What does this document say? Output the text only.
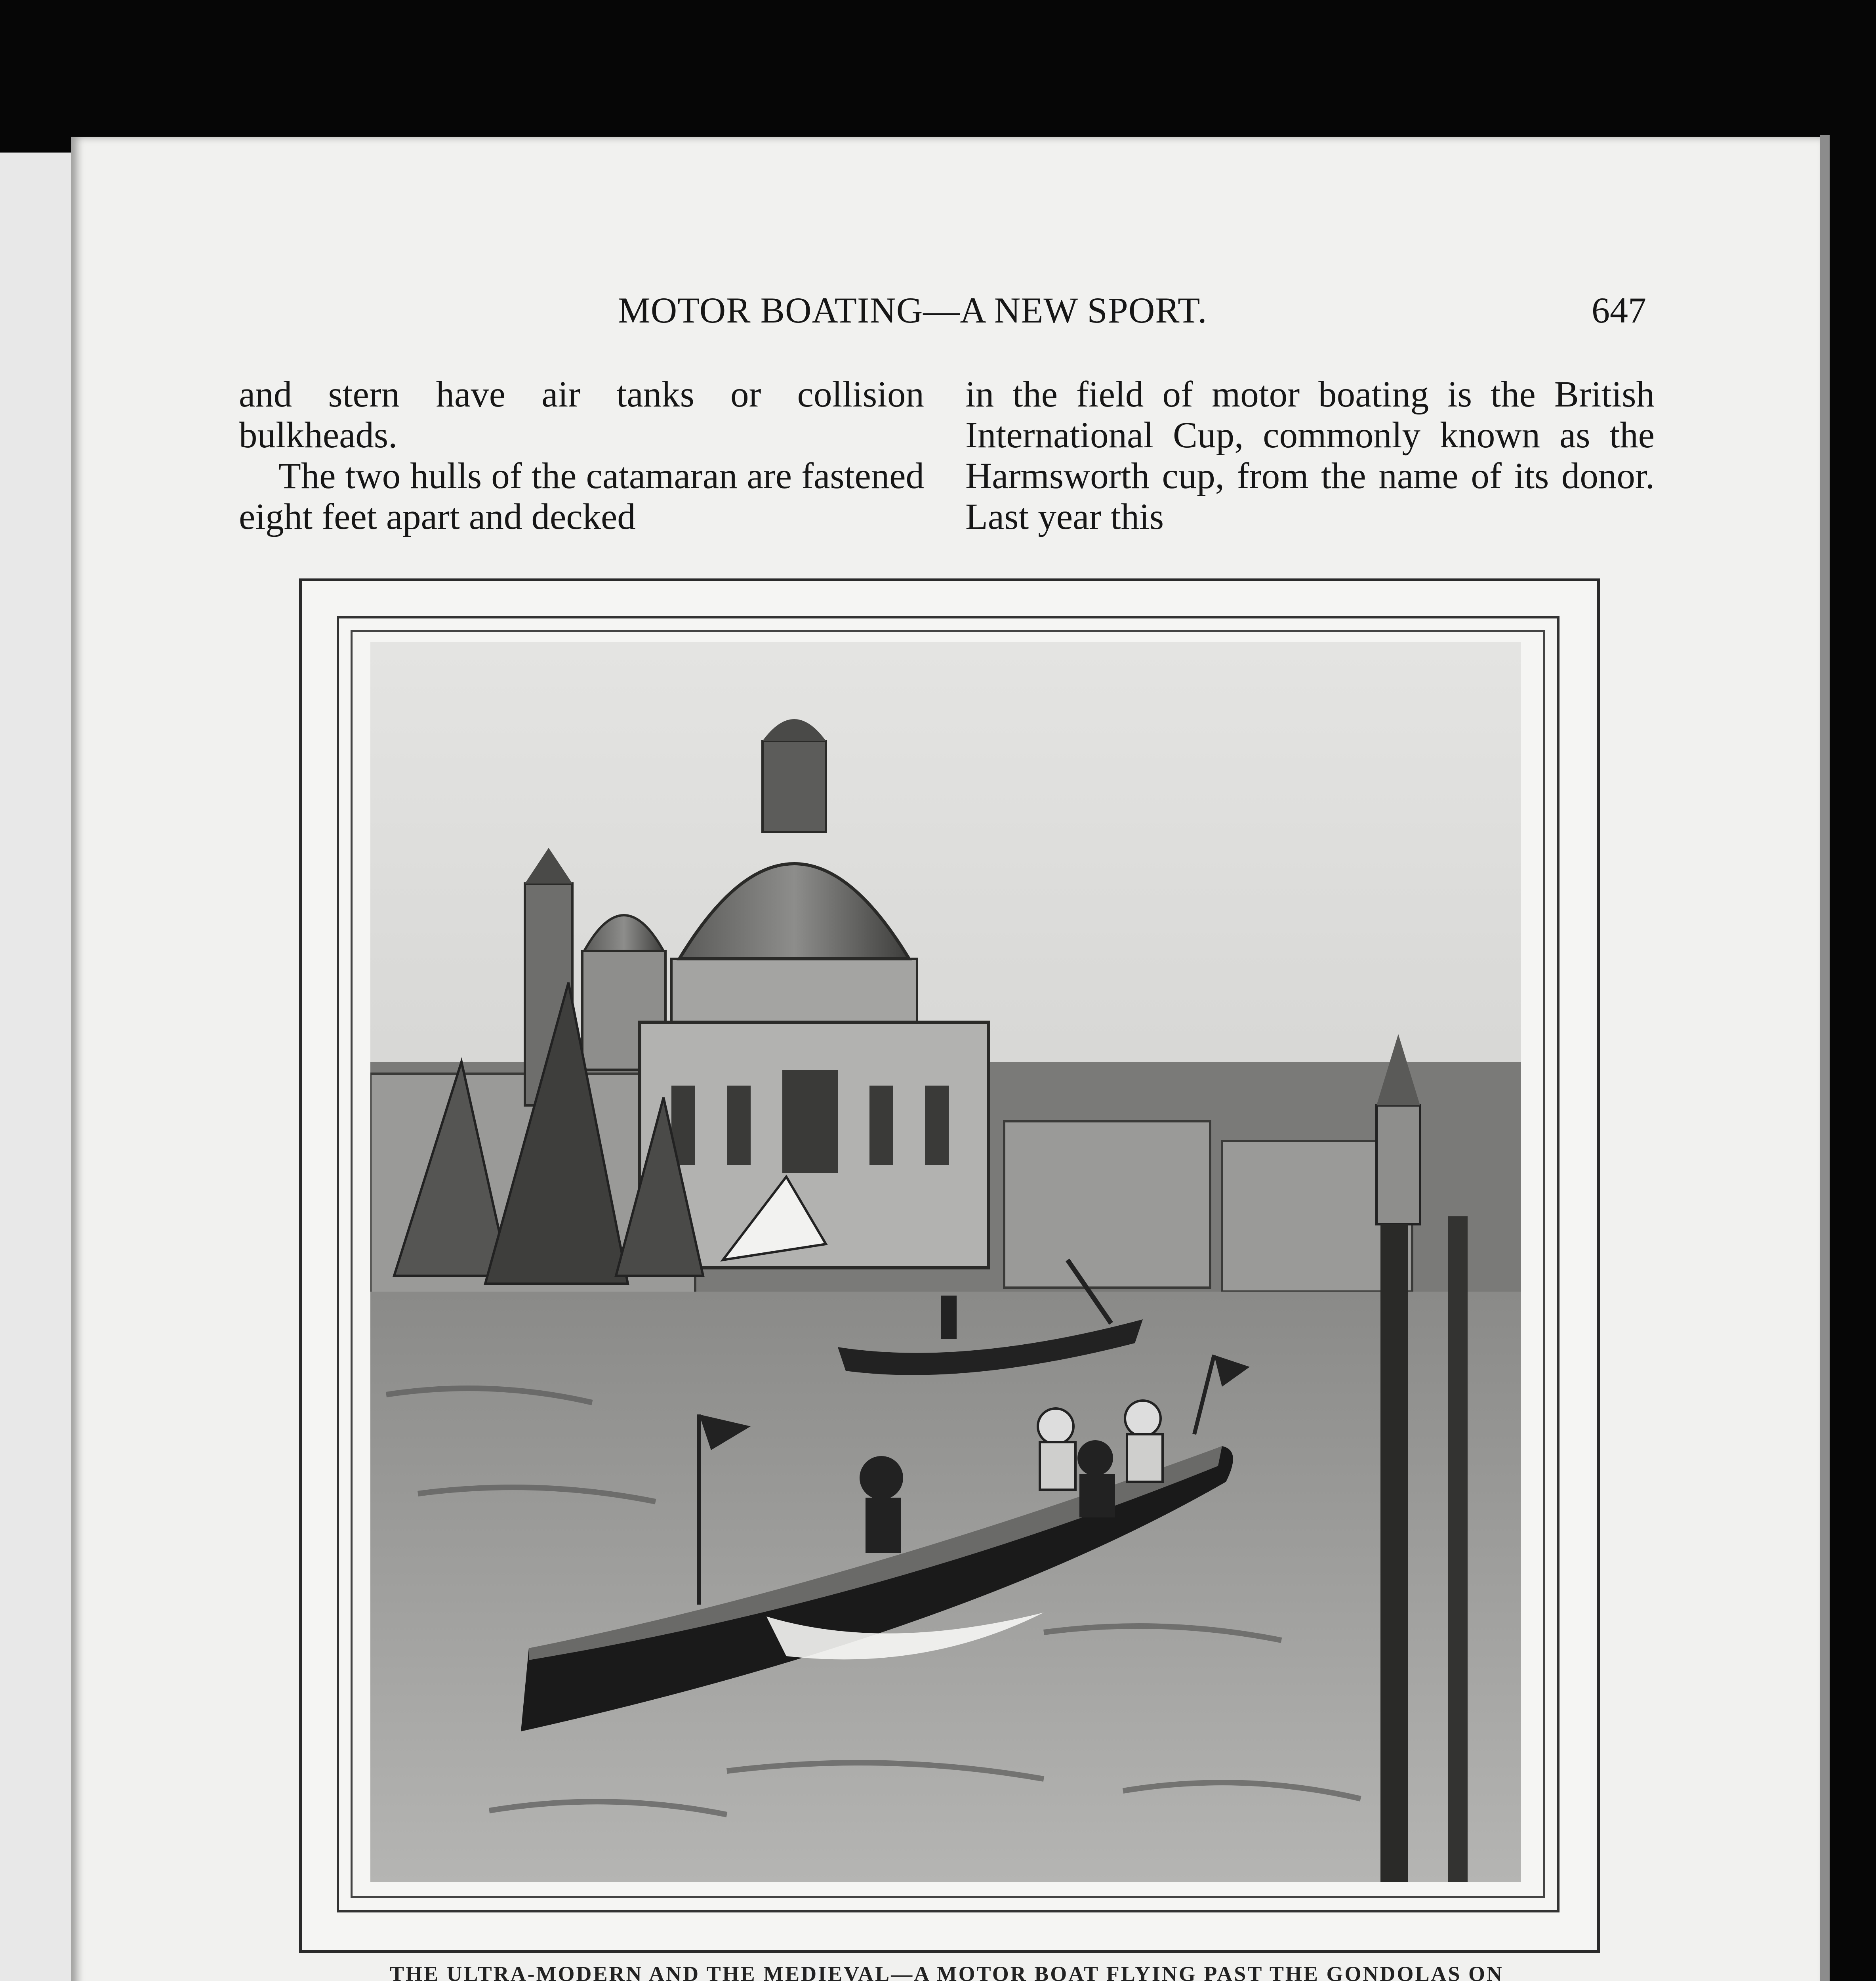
MOTOR BOATING—A NEW SPORT.	647

and stern have air tanks or collision bulkheads.

The two hulls of the catamaran are fastened eight feet apart and decked

in the field of motor boating is the British International Cup, commonly known as the Harmsworth cup, from the name of its donor. Last year this

THE ULTRA-MODERN AND THE MEDIEVAL—A MOTOR BOAT FLYING PAST THE GONDOLAS ON
